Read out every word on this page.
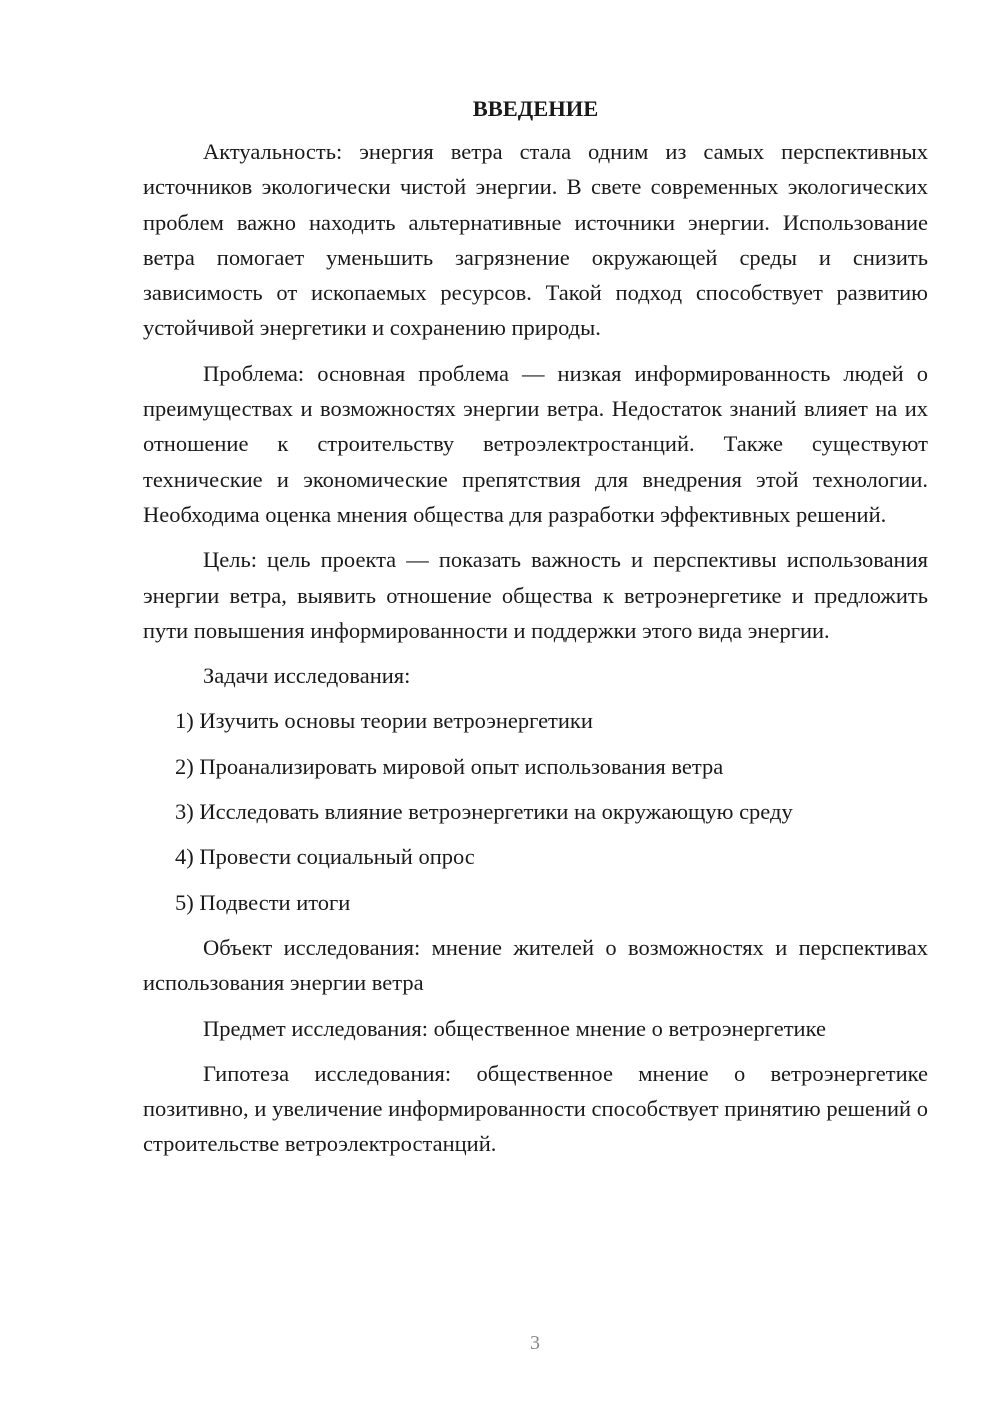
ВВЕДЕНИЕ

Актуальность: энергия ветра стала одним из самых перспективных источников экологически чистой энергии. В свете современных экологических проблем важно находить альтернативные источники энергии. Использование ветра помогает уменьшить загрязнение окружающей среды и снизить зависимость от ископаемых ресурсов. Такой подход способствует развитию устойчивой энергетики и сохранению природы.

Проблема: основная проблема — низкая информированность людей о преимуществах и возможностях энергии ветра. Недостаток знаний влияет на их отношение к строительству ветроэлектростанций. Также существуют технические и экономические препятствия для внедрения этой технологии. Необходима оценка мнения общества для разработки эффективных решений.

Цель: цель проекта — показать важность и перспективы использования энергии ветра, выявить отношение общества к ветроэнергетике и предложить пути повышения информированности и поддержки этого вида энергии.

Задачи исследования:

1) Изучить основы теории ветроэнергетики
2) Проанализировать мировой опыт использования ветра
3) Исследовать влияние ветроэнергетики на окружающую среду
4) Провести социальный опрос
5) Подвести итоги

Объект исследования: мнение жителей о возможностях и перспективах использования энергии ветра

Предмет исследования: общественное мнение о ветроэнергетике

Гипотеза исследования: общественное мнение о ветроэнергетике позитивно, и увеличение информированности способствует принятию решений о строительстве ветроэлектростанций.

3
